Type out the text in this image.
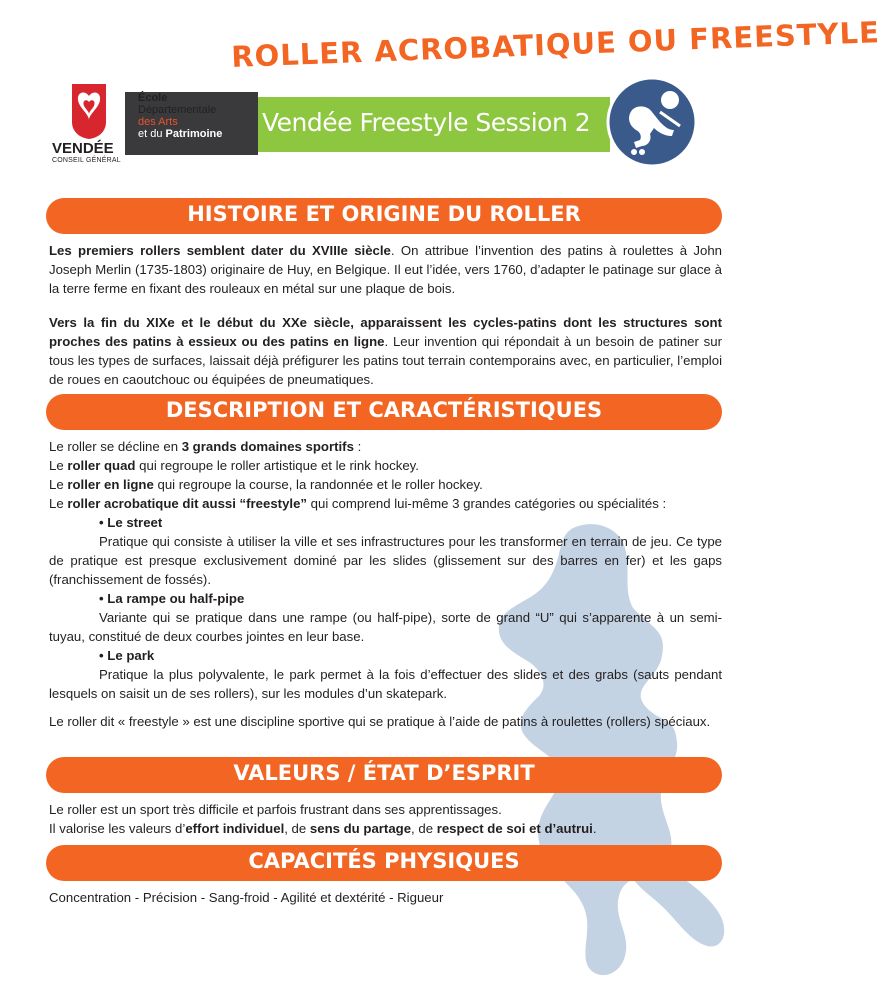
ROLLER ACROBATIQUE OU FREESTYLE
VENDÉE
CONSEIL GÉNÉRAL
École
Départementale
des Arts
et du Patrimoine Vendée Freestyle Session 2
HISTOIRE ET ORIGINE DU ROLLER

Les premiers rollers semblent dater du XVIIIe siècle. On attribue l’invention des patins à roulettes à John Joseph Merlin (1735-1803) originaire de Huy, en Belgique. Il eut l’idée, vers 1760, d’adapter le patinage sur glace à la terre ferme en fixant des rouleaux en métal sur une plaque de bois.

Vers la fin du XIXe et le début du XXe siècle, apparaissent les cycles-patins dont les structures sont proches des patins à essieux ou des patins en ligne. Leur invention qui répondait à un besoin de patiner sur tous les types de surfaces, laissait déjà préfigurer les patins tout terrain contemporains avec, en particulier, l’emploi de roues en caoutchouc ou équipées de pneumatiques.

DESCRIPTION ET CARACTÉRISTIQUES

Le roller se décline en 3 grands domaines sportifs :

Le roller quad qui regroupe le roller artistique et le rink hockey.

Le roller en ligne qui regroupe la course, la randonnée et le roller hockey.

Le roller acrobatique dit aussi “freestyle” qui comprend lui-même 3 grandes catégories ou spécialités :

• Le street

Pratique qui consiste à utiliser la ville et ses infrastructures pour les transformer en terrain de jeu. Ce type de pratique est presque exclusivement dominé par les slides (glissement sur des barres en fer) et les gaps (franchissement de fossés).

• La rampe ou half-pipe

Variante qui se pratique dans une rampe (ou half-pipe), sorte de grand “U” qui s’apparente à un semi-tuyau, constitué de deux courbes jointes en leur base.

• Le park

Pratique la plus polyvalente, le park permet à la fois d’effectuer des slides et des grabs (sauts pendant lesquels on saisit un de ses rollers), sur les modules d’un skatepark.

Le roller dit « freestyle » est une discipline sportive qui se pratique à l’aide de patins à roulettes (rollers) spéciaux.

VALEURS / ÉTAT D’ESPRIT

Le roller est un sport très difficile et parfois frustrant dans ses apprentissages.

Il valorise les valeurs d’effort individuel, de sens du partage, de respect de soi et d’autrui.

CAPACITÉS PHYSIQUES

Concentration - Précision - Sang-froid - Agilité et dextérité - Rigueur
